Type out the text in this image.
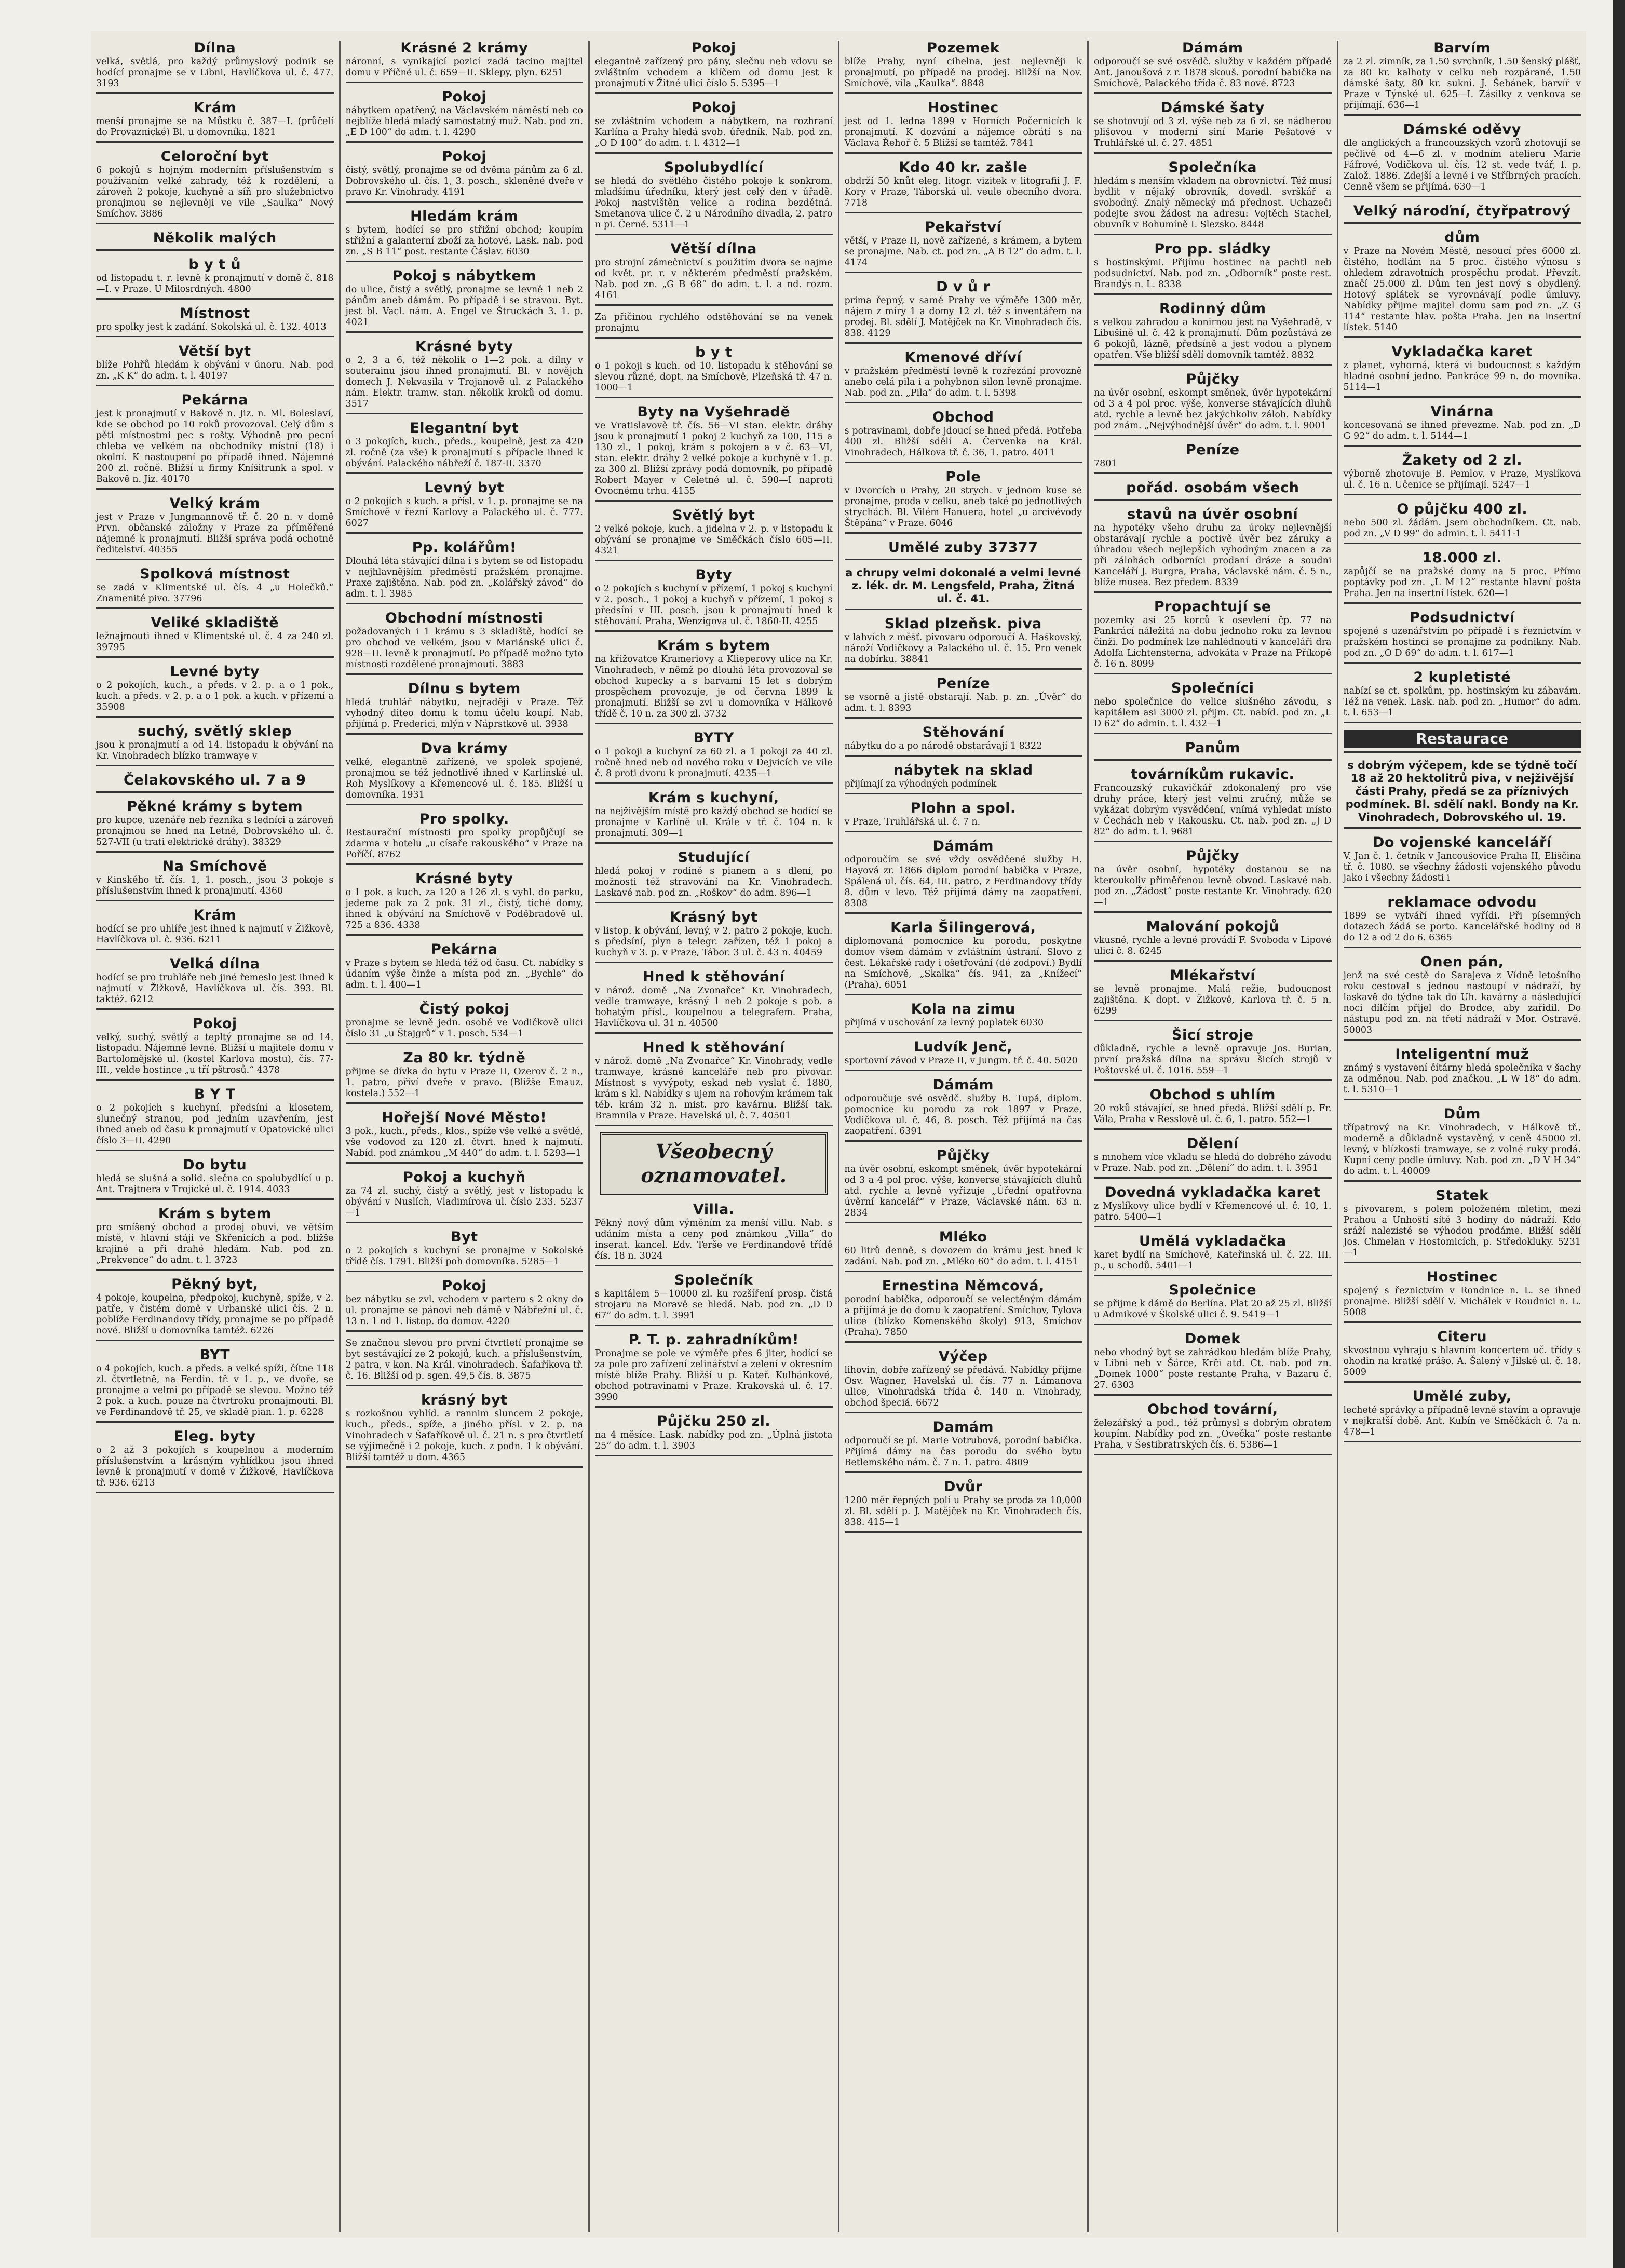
Dílna

velká, světlá, pro každý průmyslový podnik se hodící pronajme se v Libni, Havlíčkova ul. č. 477. 3193

Krám

menší pronajme se na Můstku č. 387—I. (průčelí do Provaznické) Bl. u domovníka. 1821

Celoroční byt

6 pokojů s hojným moderním příslušenstvím s používaním velké zahrady, též k rozdělení, a zároveň 2 pokoje, kuchyně a síň pro služebnictvo pronajmou se nejlevněji ve vile „Saulka“ Nový Smíchov. 3886

Několik malých
b y t ů

od listopadu t. r. levně k pronajmutí v domě č. 818—I. v Praze. U Milosrdných. 4800

Místnost

pro spolky jest k zadání. Sokolská ul. č. 132. 4013

Větší byt

blíže Pohřů hledám k obývání v únoru. Nab. pod zn. „K K“ do adm. t. l. 40197

Pekárna

jest k pronajmutí v Bakově n. Jiz. n. Ml. Boleslaví, kde se obchod po 10 roků provozoval. Celý dům s pěti místnostmi pec s rošty. Výhodně pro pecní chleba ve velkém na obchodníky místní (18) i okolní. K nastoupení po případě ihned. Nájemné 200 zl. ročně. Bližší u firmy Kníšitrunk a spol. v Bakově n. Jiz. 40170

Velký krám

jest v Praze v Jungmannově tř. č. 20 n. v domě Prvn. občanské záložny v Praze za příměřené nájemné k pronajmutí. Bližší správa podá ochotně ředitelství. 40355

Spolková místnost

se zadá v Klimentské ul. čís. 4 „u Holečků.“ Znamenité pivo. 37796

Veliké skladiště

ležnajmouti ihned v Klimentské ul. č. 4 za 240 zl. 39795

Levné byty

o 2 pokojích, kuch., a předs. v 2. p. a o 1 pok., kuch. a předs. v 2. p. a o 1 pok. a kuch. v přízemí a 35908

suchý, světlý sklep

jsou k pronajmutí a od 14. listopadu k obývání na Kr. Vinohradech blízko tramwaye v

Čelakovského ul. 7 a 9
Pěkné krámy s bytem

pro kupce, uzenáře neb řezníka s ledníci a zároveň pronajmou se hned na Letné, Dobrovského ul. č. 527-VII (u trati elektrické dráhy). 38329

Na Smíchově

v Kinského tř. čís. 1, 1. posch., jsou 3 pokoje s příslušenstvím ihned k pronajmutí. 4360

Krám

hodící se pro uhlíře jest ihned k najmutí v Žižkově, Havlíčkova ul. č. 936. 6211

Velká dílna

hodící se pro truhláře neb jiné řemeslo jest ihned k najmutí v Žižkově, Havlíčkova ul. čís. 393. Bl. taktéž. 6212

Pokoj

velký, suchý, světlý a tepltý pronajme se od 14. listopadu. Nájemné levné. Bližší u majitele domu v Bartolomějské ul. (kostel Karlova mostu), čís. 77-III., velde hostince „u tří pštrosů.“ 4378

B Y T

o 2 pokojích s kuchyní, předsíní a klosetem, slunečný stranou, pod jedním uzavřením, jest ihned aneb od času k pronajmutí v Opatovické ulici číslo 3—II. 4290

Do bytu

hledá se slušná a solid. slečna co spolubydlící u p. Ant. Trajtnera v Trojické ul. č. 1914. 4033

Krám s bytem

pro smíšený obchod a prodej obuvi, ve větším místě, v hlavní stáji ve Skřenicích a pod. bližše krajiné a při drahé hledám. Nab. pod zn. „Prekvence“ do adm. t. l. 3723

Pěkný byt,

4 pokoje, koupelna, předpokoj, kuchyně, spíže, v 2. patře, v čistém domě v Urbanské ulici čís. 2 n. poblíže Ferdinandovy třídy, pronajme se po případě nové. Bližší u domovníka tamtéž. 6226

BYT

o 4 pokojích, kuch. a předs. a velké spíži, čítne 118 zl. čtvrtletně, na Ferdin. tř. v 1. p., ve dvoře, se pronajme a velmi po případě se slevou. Možno též 2 pok. a kuch. pouze na čtvrtroku pronajmouti. Bl. ve Ferdinandově tř. 25, ve skladě pian. 1. p. 6228

Eleg. byty

o 2 až 3 pokojích s koupelnou a moderním příslušenstvím a krásným vyhlídkou jsou ihned levně k pronajmutí v domě v Žižkově, Havlíčkova tř. 936. 6213

Krásné 2 krámy

náronní, s vynikající pozicí zadá tacino majitel domu v Příčné ul. č. 659—II. Sklepy, plyn. 6251

Pokoj

nábytkem opatřený, na Václavském náměstí neb co nejblíže hledá mladý samostatný muž. Nab. pod zn. „E D 100“ do adm. t. l. 4290

Pokoj

čistý, světlý, pronajme se od dvěma pánům za 6 zl. Dobrovského ul. čís. 1, 3. posch., skleněné dveře v pravo Kr. Vinohrady. 4191

Hledám krám

s bytem, hodící se pro střižní obchod; koupím střižní a galanterní zboží za hotové. Lask. nab. pod zn. „S B 11“ post. restante Čáslav. 6030

Pokoj s nábytkem

do ulice, čistý a světlý, pronajme se levně 1 neb 2 pánům aneb dámám. Po případě i se stravou. Byt. jest bl. Vacl. nám. A. Engel ve Štruckách 3. 1. p. 4021

Krásné byty

o 2, 3 a 6, též několik o 1—2 pok. a dílny v souterainu jsou ihned pronajmutí. Bl. v novějch domech J. Nekvasila v Trojanově ul. z Palackého nám. Elektr. tramw. stan. několik kroků od domu. 3517

Elegantní byt

o 3 pokojích, kuch., předs., koupelně, jest za 420 zl. ročně (za vše) k pronajmutí s přípacle ihned k obývání. Palackého nábřeží č. 187-II. 3370

Levný byt

o 2 pokojích s kuch. a přísl. v 1. p. pronajme se na Smíchově v řezní Karlovy a Palackého ul. č. 777. 6027

Pp. kolářům!

Dlouhá léta stávající dílna i s bytem se od listopadu v nejhlavnějším předměstí pražském pronajme. Praxe zajištěna. Nab. pod zn. „Kolářský závod“ do adm. t. l. 3985

Obchodní místnosti

požadovaných i 1 krámu s 3 skladiště, hodící se pro obchod ve velkém, jsou v Mariánské ulici č. 928—II. levně k pronajmutí. Po případě možno tyto místnosti rozdělené pronajmouti. 3883

Dílnu s bytem

hledá truhlář nábytku, nejraději v Praze. Též vyhodný diteo domu k tomu účelu koupí. Nab. přijímá p. Frederici, mlýn v Náprstkově ul. 3938

Dva krámy

velké, elegantně zařízené, ve spolek spojené, pronajmou se též jednotlivě ihned v Karlínské ul. Roh Myslíkovy a Křemencové ul. č. 185. Bližší u domovníka. 1931

Pro spolky.

Restaurační místnosti pro spolky propůjčují se zdarma v hotelu „u císaře rakouského“ v Praze na Poříčí. 8762

Krásné byty

o 1 pok. a kuch. za 120 a 126 zl. s vyhl. do parku, jedeme pak za 2 pok. 31 zl., čistý, tiché domy, ihned k obývání na Smíchově v Poděbradově ul. 725 a 836. 4338

Pekárna

v Praze s bytem se hledá též od času. Ct. nabídky s údaním výše činže a místa pod zn. „Bychle“ do adm. t. l. 400—1

Čistý pokoj

pronajme se levně jedn. osobě ve Vodičkově ulici číslo 31 „u Štajgrů“ v 1. posch. 534—1

Za 80 kr. týdně

přijme se dívka do bytu v Praze II, Ozerov č. 2 n., 1. patro, přiví dveře v pravo. (Bližše Emauz. kostela.) 552—1

Hořejší Nové Město!

3 pok., kuch., předs., klos., spíže vše velké a světlé, vše vodovod za 120 zl. čtvrt. hned k najmutí. Nabíd. pod známkou „M 440“ do adm. t. l. 5293—1

Pokoj a kuchyň

za 74 zl. suchý, čistý a světlý, jest v listopadu k obývání v Nuslích, Vladimírova ul. číslo 233. 5237—1

Byt

o 2 pokojích s kuchyní se pronajme v Sokolské třídě čís. 1791. Bližší poh domovníka. 5285—1

Pokoj

bez nábytku se zvl. vchodem v parteru s 2 okny do ul. pronajme se pánovi neb dámě v Nábřežní ul. č. 13 n. 1 od 1. listop. do domov. 4220

Se značnou slevou pro první čtvrtletí pronajme se byt sestávající ze 2 pokojů, kuch. a příslušenstvím, 2 patra, v kon. Na Král. vinohradech. Šafaříkova tř. č. 16. Bližší od p. sgen. 49,5 čís. 8. 3875

krásný byt

s rozkošnou vyhlíd. a rannim sluncem 2 pokoje, kuch., předs., spíže, a jiného přísl. v 2. p. na Vinohradech v Šafaříkově ul. č. 21 n. s pro čtvrtletí se výjimečně i 2 pokoje, kuch. z podn. 1 k obývání. Bližší tamtéž u dom. 4365

Pokoj

elegantně zařízený pro pány, slečnu neb vdovu se zvláštním vchodem a klíčem od domu jest k pronajmutí v Žitné ulici číslo 5. 5395—1

Pokoj

se zvláštním vchodem a nábytkem, na rozhraní Karlína a Prahy hledá svob. úředník. Nab. pod zn. „O D 100“ do adm. t. l. 4312—1

Spolubydlící

se hledá do světlého čistého pokoje k sonkrom. mladšímu úředníku, který jest celý den v úřadě. Pokoj nastvištěn velice a rodina bezdětná. Smetanova ulice č. 2 u Národního divadla, 2. patro n pi. Černé. 5311—1

Větší dílna

pro strojní zámečnictví s použitím dvora se najme od květ. pr. r. v některém předměstí pražském. Nab. pod zn. „G B 68“ do adm. t. l. a nd. rozm. 4161

Za přičinou rychlého odstěhování se na venek pronajmu

b y t

o 1 pokoji s kuch. od 10. listopadu k stěhování se slevou různé, dopt. na Smíchově, Plzeňská tř. 47 n. 1000—1

Byty na Vyšehradě

ve Vratislavově tř. čís. 56—VI stan. elektr. dráhy jsou k pronajmutí 1 pokoj 2 kuchyň za 100, 115 a 130 zl., 1 pokoj, krám s pokojem a v č. 63—VI, stan. elektr. dráhy 2 velké pokoje a kuchyně v 1. p. za 300 zl. Bližší zprávy podá domovník, po případě Robert Mayer v Celetné ul. č. 590—I naproti Ovocnému trhu. 4155

Světlý byt

2 velké pokoje, kuch. a jidelna v 2. p. v listopadu k obývání se pronajme ve Směčkách číslo 605—II. 4321

Byty

o 2 pokojích s kuchyní v přízemí, 1 pokoj s kuchyní v 2. posch., 1 pokoj a kuchyň v přízemí, 1 pokoj s předsíní v III. posch. jsou k pronajmutí hned k stěhování. Praha, Wenzigova ul. č. 1860-II. 4255

Krám s bytem

na křižovatce Krameriovy a Klieperovy ulice na Kr. Vinohradech, v němž po dlouhá léta provozoval se obchod kupecky a s barvami 15 let s dobrým prospěchem provozuje, je od června 1899 k pronajmutí. Bližší se zvi u domovníka v Hálkově třídě č. 10 n. za 300 zl. 3732

BYTY

o 1 pokoji a kuchyní za 60 zl. a 1 pokoji za 40 zl. ročně hned neb od nového roku v Dejvicích ve vile č. 8 proti dvoru k pronajmutí. 4235—1

Krám s kuchyní,

na nejživějším místě pro každý obchod se hodící se pronajme v Karlíně ul. Krále v tř. č. 104 n. k pronajmutí. 309—1

Studující

hledá pokoj v rodině s pianem a s dlení, po možnosti též stravování na Kr. Vinohradech. Laskavé nab. pod zn. „Roškov“ do adm. 896—1

Krásný byt

v listop. k obývání, levný, v 2. patro 2 pokoje, kuch. s předsíní, plyn a telegr. zařízen, též 1 pokoj a kuchyň v 3. p. v Praze, Tábor. 3 ul. č. 43 n. 40459

Hned k stěhování

v nárož. domě „Na Zvonařce“ Kr. Vinohradech, vedle tramwaye, krásný 1 neb 2 pokoje s pob. a bohatým přísl., koupelnou a telegrafem. Praha, Havlíčkova ul. 31 n. 40500

Hned k stěhování

v nárož. domě „Na Zvonařce“ Kr. Vinohrady, vedle tramwaye, krásné kanceláře neb pro pivovar. Místnost s vyvýpoty, eskad neb vyslat č. 1880, krám s kl. Nabídky s ujem na rohovým krámem tak téb. krám 32 n. mist. pro kavárnu. Bližší tak. Bramnila v Praze. Havelská ul. č. 7. 40501

Všeobecný
oznamovatel.
Villa.

Pěkný nový dům výměním za menší villu. Nab. s udáním místa a ceny pod známkou „Villa“ do inserat. kancel. Edv. Terše ve Ferdinandově třídě čís. 18 n. 3024

Společník

s kapitálem 5—10000 zl. ku rozšíření prosp. čistá strojaru na Moravě se hledá. Nab. pod zn. „D D 67“ do adm. t. l. 3991

P. T. p. zahradníkům!

Pronajme se pole ve výměře přes 6 jiter, hodící se za pole pro zařízení zelinářství a zelení v okresním místě blíže Prahy. Bližší u p. Kateř. Kulhánkové, obchod potravinami v Praze. Krakovská ul. č. 17. 3990

Půjčku 250 zl.

na 4 měsíce. Lask. nabídky pod zn. „Úplná jistota 25“ do adm. t. l. 3903

Pozemek

blíže Prahy, nyní cihelna, jest nejlevněji k pronajmutí, po případě na prodej. Bližší na Nov. Smíchově, vila „Kaulka“. 8848

Hostinec

jest od 1. ledna 1899 v Horních Počernicích k pronajmutí. K dozvání a nájemce obrátí s na Václava Řehoř č. 5 Bližší se tamtéž. 7841

Kdo 40 kr. zašle

obdrží 50 knůt eleg. litogr. vizitek v litografii J. F. Kory v Praze, Táborská ul. veule obecního dvora. 7718

Pekařství

větší, v Praze II, nově zařízené, s krámem, a bytem se pronajme. Nab. ct. pod zn. „A B 12“ do adm. t. l. 4174

D v ů r

prima řepný, v samé Prahy ve výměře 1300 měr, nájem z míry 1 a domy 12 zl. též s inventářem na prodej. Bl. sdělí J. Matějček na Kr. Vinohradech čís. 838. 4129

Kmenové dříví

v pražském předměstí levně k rozřezání provozně anebo celá pila i a pohybnon silon levně pronajme. Nab. pod zn. „Pila“ do adm. t. l. 5398

Obchod

s potravinami, dobře jdoucí se hned předá. Potřeba 400 zl. Bližší sdělí A. Červenka na Král. Vinohradech, Hálkova tř. č. 36, 1. patro. 4011

Pole

v Dvorcích u Prahy, 20 strych. v jednom kuse se pronajme, proda v celku, aneb také po jednotlivých strychách. Bl. Vilém Hanuera, hotel „u arcivévody Štěpána“ v Praze. 6046

Umělé zuby 37377

a chrupy velmi dokonalé a velmi levné z. lék. dr. M. Lengsfeld, Praha, Žitná ul. č. 41.

Sklad plzeňsk. piva

v lahvích z měšť. pivovaru odporoučí A. Haškovský, nároží Vodičkovy a Palackého ul. č. 15. Pro venek na dobírku. 38841

Peníze

se vsorně a jistě obstarají. Nab. p. zn. „Úvěr“ do adm. t. l. 8393

Stěhování

nábytku do a po národě obstarávají 1 8322

nábytek na sklad

přijímají za výhodných podmínek

Plohn a spol.

v Praze, Truhlářská ul. č. 7 n.

Dámám

odporoučím se své vždy osvědčené služby H. Hayová zr. 1866 diplom porodní babička v Praze, Spálená ul. čís. 64, III. patro, z Ferdinandovy třídy 8. dům v levo. Též přijímá dámy na zaopatření. 8308

Karla Šilingerová,

diplomovaná pomocnice ku porodu, poskytne domov všem dámám v zvláštním ústraní. Slovo z čest. Lékařské rady i ošetřování (dé zodpoví.) Bydlí na Smíchově, „Skalka“ čís. 941, za „Knížecí“ (Praha). 6051

Kola na zimu

přijímá v uschování za levný poplatek 6030

Ludvík Jenč,

sportovní závod v Praze II, v Jungm. tř. č. 40. 5020

Dámám

odporoučuje své osvědč. služby B. Tupá, diplom. pomocnice ku porodu za rok 1897 v Praze, Vodičkova ul. č. 46, 8. posch. Též přijímá na čas zaopatření. 6391

Půjčky

na úvěr osobní, eskompt směnek, úvěr hypotekární od 3 a 4 pol proc. výše, konverse stávajících dluhů atd. rychle a levně vyřizuje „Úřední opatřovna úvěrní kancelář“ v Praze, Václavské nám. 63 n. 2834

Mléko

60 litrů denně, s dovozem do krámu jest hned k zadání. Nab. pod zn. „Mléko 60“ do adm. t. l. 4151

Ernestina Němcová,

porodní babička, odporoučí se velectěným dámám a přijímá je do domu k zaopatření. Smíchov, Tylova ulice (blízko Komenského školy) 913, Smíchov (Praha). 7850

Výčep

lihovin, dobře zařízený se předává. Nabídky přijme Osv. Wagner, Havelská ul. čís. 77 n. Lámanova ulice, Vinohradská třída č. 140 n. Vinohrady, obchod špeciá. 6672

Damám

odporoučí se pí. Marie Votrubová, porodní babička. Přijímá dámy na čas porodu do svého bytu Betlemského nám. č. 7 n. 1. patro. 4809

Dvůr

1200 měr řepných polí u Prahy se proda za 10,000 zl. Bl. sdělí p. J. Matějček na Kr. Vinohradech čís. 838. 415—1

Dámám

odporoučí se své osvědč. služby v každém případě Ant. Janoušová z r. 1878 skouš. porodní babička na Smíchově, Palackého třída č. 83 nové. 8723

Dámské šaty

se shotovují od 3 zl. výše neb za 6 zl. se nádherou plišovou v moderní siní Marie Pešatové v Truhlářské ul. č. 27. 4851

Společníka

hledám s menším vkladem na obrovnictví. Též musí bydlit v nějaký obrovník, dovedl. svrškář a svobodný. Znalý německý má přednost. Uchazeči podejte svou žádost na adresu: Vojtěch Stachel, obuvník v Bohumíně I. Slezsko. 8448

Pro pp. sládky

s hostinskými. Přijímu hostinec na pachtl neb podsudnictví. Nab. pod zn. „Odborník“ poste rest. Brandýs n. L. 8338

Rodinný dům

s velkou zahradou a konirnou jest na Vyšehradě, v Libušině ul. č. 42 k pronajmutí. Dům pozůstává ze 6 pokojů, lázně, předsíně a jest vodou a plynem opatřen. Vše bližší sdělí domovník tamtéž. 8832

Půjčky

na úvěr osobní, eskompt směnek, úvěr hypotekární od 3 a 4 pol proc. výše, konverse stávajících dluhů atd. rychle a levně bez jakýchkoliv záloh. Nabídky pod znám. „Nejvýhodnější úvěr“ do adm. t. l. 9001

Peníze

7801

pořád. osobám všech
stavů na úvěr osobní

na hypotéky všeho druhu za úroky nejlevnější obstarávají rychle a poctivě úvěr bez záruky a úhradou všech nejlepších vyhodným znacen a za při zálohách odborníci prodaní dráze a soudni Kanceláří J. Burgra, Praha, Václavské nám. č. 5 n., blíže musea. Bez předem. 8339

Propachtují se

pozemky asi 25 korců k osevlení čp. 77 na Pankrácí náležitá na dobu jednoho roku za levnou činži. Do podmínek lze nahlédnouti v kanceláři dra Adolfa Lichtensterna, advokáta v Praze na Příkopě č. 16 n. 8099

Společníci

nebo společnice do velice slušného závodu, s kapitálem asi 3000 zl. přijm. Ct. nabíd. pod zn. „L D 62“ do admin. t. l. 432—1

Panům
továrníkům rukavic.

Francouzský rukavičkář zdokonalený pro vše druhy práce, který jest velmi zručný, může se vykázat dobrým vysvědčení, vnímá vyhledat místo v Čechách neb v Rakousku. Ct. nab. pod zn. „J D 82“ do adm. t. l. 9681

Půjčky

na úvěr osobní, hypotéky dostanou se na kteroukoliv přiměřenou levně obvod. Laskavé nab. pod zn. „Žádost“ poste restante Kr. Vinohrady. 620—1

Malování pokojů

vkusné, rychle a levné provádí F. Svoboda v Lipové ulici č. 8. 6245

Mlékařství

se levně pronajme. Malá režie, budoucnost zajištěna. K dopt. v Žižkově, Karlova tř. č. 5 n. 6299

Šicí stroje

důkladně, rychle a levně opravuje Jos. Burian, první pražská dílna na správu šicích strojů v Poštovské ul. č. 1016. 559—1

Obchod s uhlím

20 roků stávající, se hned předá. Bližší sdělí p. Fr. Vála, Praha v Resslově ul. č. 6, 1. patro. 552—1

Dělení

s mnohem více vkladu se hledá do dobrého závodu v Praze. Nab. pod zn. „Dělení“ do adm. t. l. 3951

Dovedná vykladačka karet

z Myslíkovy ulice bydlí v Křemencové ul. č. 10, 1. patro. 5400—1

Umělá vykladačka

karet bydlí na Smíchově, Kateřinská ul. č. 22. III. p., u schodů. 5401—1

Společnice

se přijme k dámě do Berlína. Plat 20 až 25 zl. Bližší u Admikové v Školské ulici č. 9. 5419—1

Domek

nebo vhodný byt se zahrádkou hledám blíže Prahy, v Libni neb v Šárce, Krči atd. Ct. nab. pod zn. „Domek 1000“ poste restante Praha, v Bazaru č. 27. 6303

Obchod tovární,

železářský a pod., též průmysl s dobrým obratem koupím. Nabídky pod zn. „Ovečka“ poste restante Praha, v Šestibratrských čís. 6. 5386—1

Barvím

za 2 zl. zimník, za 1.50 svrchník, 1.50 šenský plášť, za 80 kr. kalhoty v celku neb rozpárané, 1.50 dámské šaty, 80 kr. sukni. J. Šebánek, barvíř v Praze v Týnské ul. 625—I. Zásilky z venkova se přijímají. 636—1

Dámské oděvy

dle anglických a francouzských vzorů zhotovují se pečlivě od 4—6 zl. v modním atelieru Marie Fáfrové, Vodičkova ul. čís. 12 st. vede tvář, I. p. Založ. 1886. Zdejší a levné i ve Stříbrných pracích. Cenně všem se přijímá. 630—1

Velký nároďní, čtyřpatrový
dům

v Praze na Novém Městě, nesoucí přes 6000 zl. čistého, hodlám na 5 proc. čistého výnosu s ohledem zdravotních prospěchu prodat. Převzít. značí 25.000 zl. Dům ten jest nový s obydlený. Hotový splátek se vyrovnávají podle úmluvy. Nabídky přijme majitel domu sam pod zn. „Z G 114“ restante hlav. pošta Praha. Jen na insertní lístek. 5140

Vykladačka karet

z planet, vyhorná, která vi budoucnost s každým hladné osobní jedno. Pankráce 99 n. do movníka. 5114—1

Vinárna

koncesovaná se ihned převezme. Nab. pod zn. „D G 92“ do adm. t. l. 5144—1

Žakety od 2 zl.

výborně zhotovuje B. Pemlov. v Praze, Myslíkova ul. č. 16 n. Učenice se přijímají. 5247—1

O půjčku 400 zl.

nebo 500 zl. žádám. Jsem obchodníkem. Ct. nab. pod zn. „V D 99“ do admin. t. l. 5411-1

18.000 zl.

zapůjčí se na pražské domy na 5 proc. Přímo poptávky pod zn. „L M 12“ restante hlavní pošta Praha. Jen na insertní lístek. 620—1

Podsudnictví

spojené s uzenářstvím po případě i s řeznictvím v pražském hostinci se pronajme za podnikny. Nab. pod zn. „O D 69“ do adm. t. l. 617—1

2 kupletisté

nabízí se ct. spolkům, pp. hostinským ku zábavám. Též na venek. Lask. nab. pod zn. „Humor“ do adm. t. l. 653—1

Restaurace

s dobrým výčepem, kde se týdně točí 18 až 20 hektolitrů piva, v nejživější části Prahy, předá se za příznivých podmínek. Bl. sdělí nakl. Bondy na Kr. Vinohradech, Dobrovského ul. 19.

Do vojenské kanceláří

V. Jan č. 1. četník v Jancoušovice Praha II, Eliščina tř. č. 1080. se všechny žádosti vojenského původu jako i všechny žádosti i

reklamace odvodu

1899 se vytváří ihned vyřídi. Při písemných dotazech žádá se porto. Kancelářské hodiny od 8 do 12 a od 2 do 6. 6365

Onen pán,

jenž na své cestě do Sarajeva z Vídně letošního roku cestoval s jednou nastoupí v nádraží, by laskavě do týdne tak do Uh. kavárny a následující noci dílčím přijel do Brodce, aby zařidil. Do nástupu pod zn. na třetí nádraží v Mor. Ostravě. 50003

Inteligentní muž

známý s vystavení čítárny hledá společníka v šachy za odměnou. Nab. pod značkou. „L W 18“ do adm. t. l. 5310—1

Dům

třípatrový na Kr. Vinohradech, v Hálkově tř., moderně a důkladně vystavěný, v ceně 45000 zl. levný, v blízkosti tramwaye, se z volné ruky prodá. Kupní ceny podle úmluvy. Nab. pod zn. „D V H 34“ do adm. t. l. 40009

Statek

s pivovarem, s polem položeném mletim, mezi Prahou a Unhoští sítě 3 hodiny do nádraží. Kdo sráží nalezisté se výhodou prodáme. Bližší sdělí Jos. Chmelan v Hostomicích, p. Středokluky. 5231—1

Hostinec

spojený s řeznictvím v Rondnice n. L. se ihned pronajme. Bližší sdělí V. Michálek v Roudnici n. L. 5008

Citeru

skvostnou vyhraju s hlavním koncertem uč. třídy s ohodin na kratké prášo. A. Šalený v Jilské ul. č. 18. 5009

Umělé zuby,

lecheté správky a případně levně stavím a opravuje v nejkratší době. Ant. Kubín ve Směčkách č. 7a n. 478—1
